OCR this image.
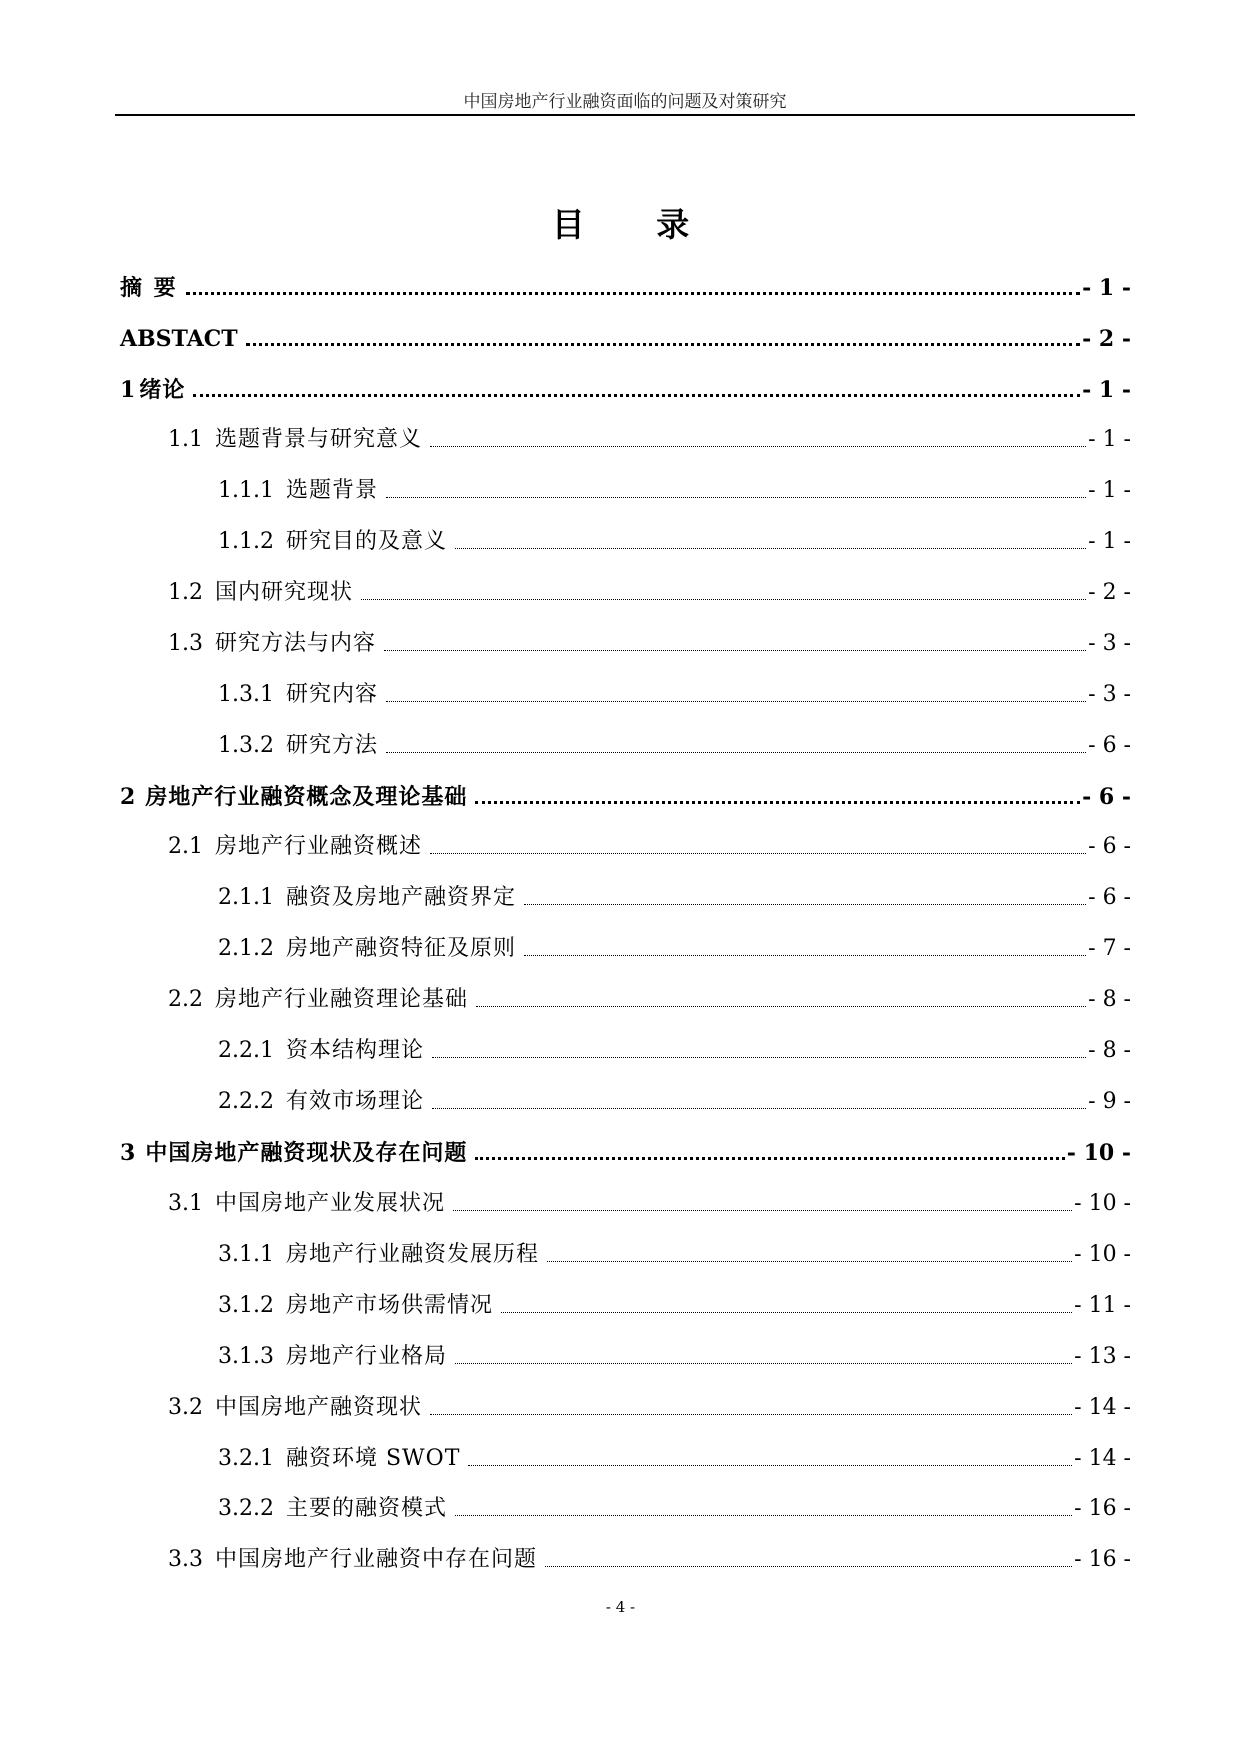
中国房地产行业融资面临的问题及对策研究
目 录
摘 要	- 1 -
ABSTACT	- 2 -
1 绪论	- 1 -
1.1 选题背景与研究意义	- 1 -
1.1.1 选题背景	- 1 -
1.1.2 研究目的及意义	- 1 -
1.2 国内研究现状	- 2 -
1.3 研究方法与内容	- 3 -
1.3.1 研究内容	- 3 -
1.3.2 研究方法	- 6 -
2 房地产行业融资概念及理论基础	- 6 -
2.1 房地产行业融资概述	- 6 -
2.1.1 融资及房地产融资界定	- 6 -
2.1.2 房地产融资特征及原则	- 7 -
2.2 房地产行业融资理论基础	- 8 -
2.2.1 资本结构理论	- 8 -
2.2.2 有效市场理论	- 9 -
3 中国房地产融资现状及存在问题	- 10 -
3.1 中国房地产业发展状况	- 10 -
3.1.1 房地产行业融资发展历程	- 10 -
3.1.2 房地产市场供需情况	- 11 -
3.1.3 房地产行业格局	- 13 -
3.2 中国房地产融资现状	- 14 -
3.2.1 融资环境 SWOT	- 14 -
3.2.2 主要的融资模式	- 16 -
3.3 中国房地产行业融资中存在问题	- 16 -
- 4 -
